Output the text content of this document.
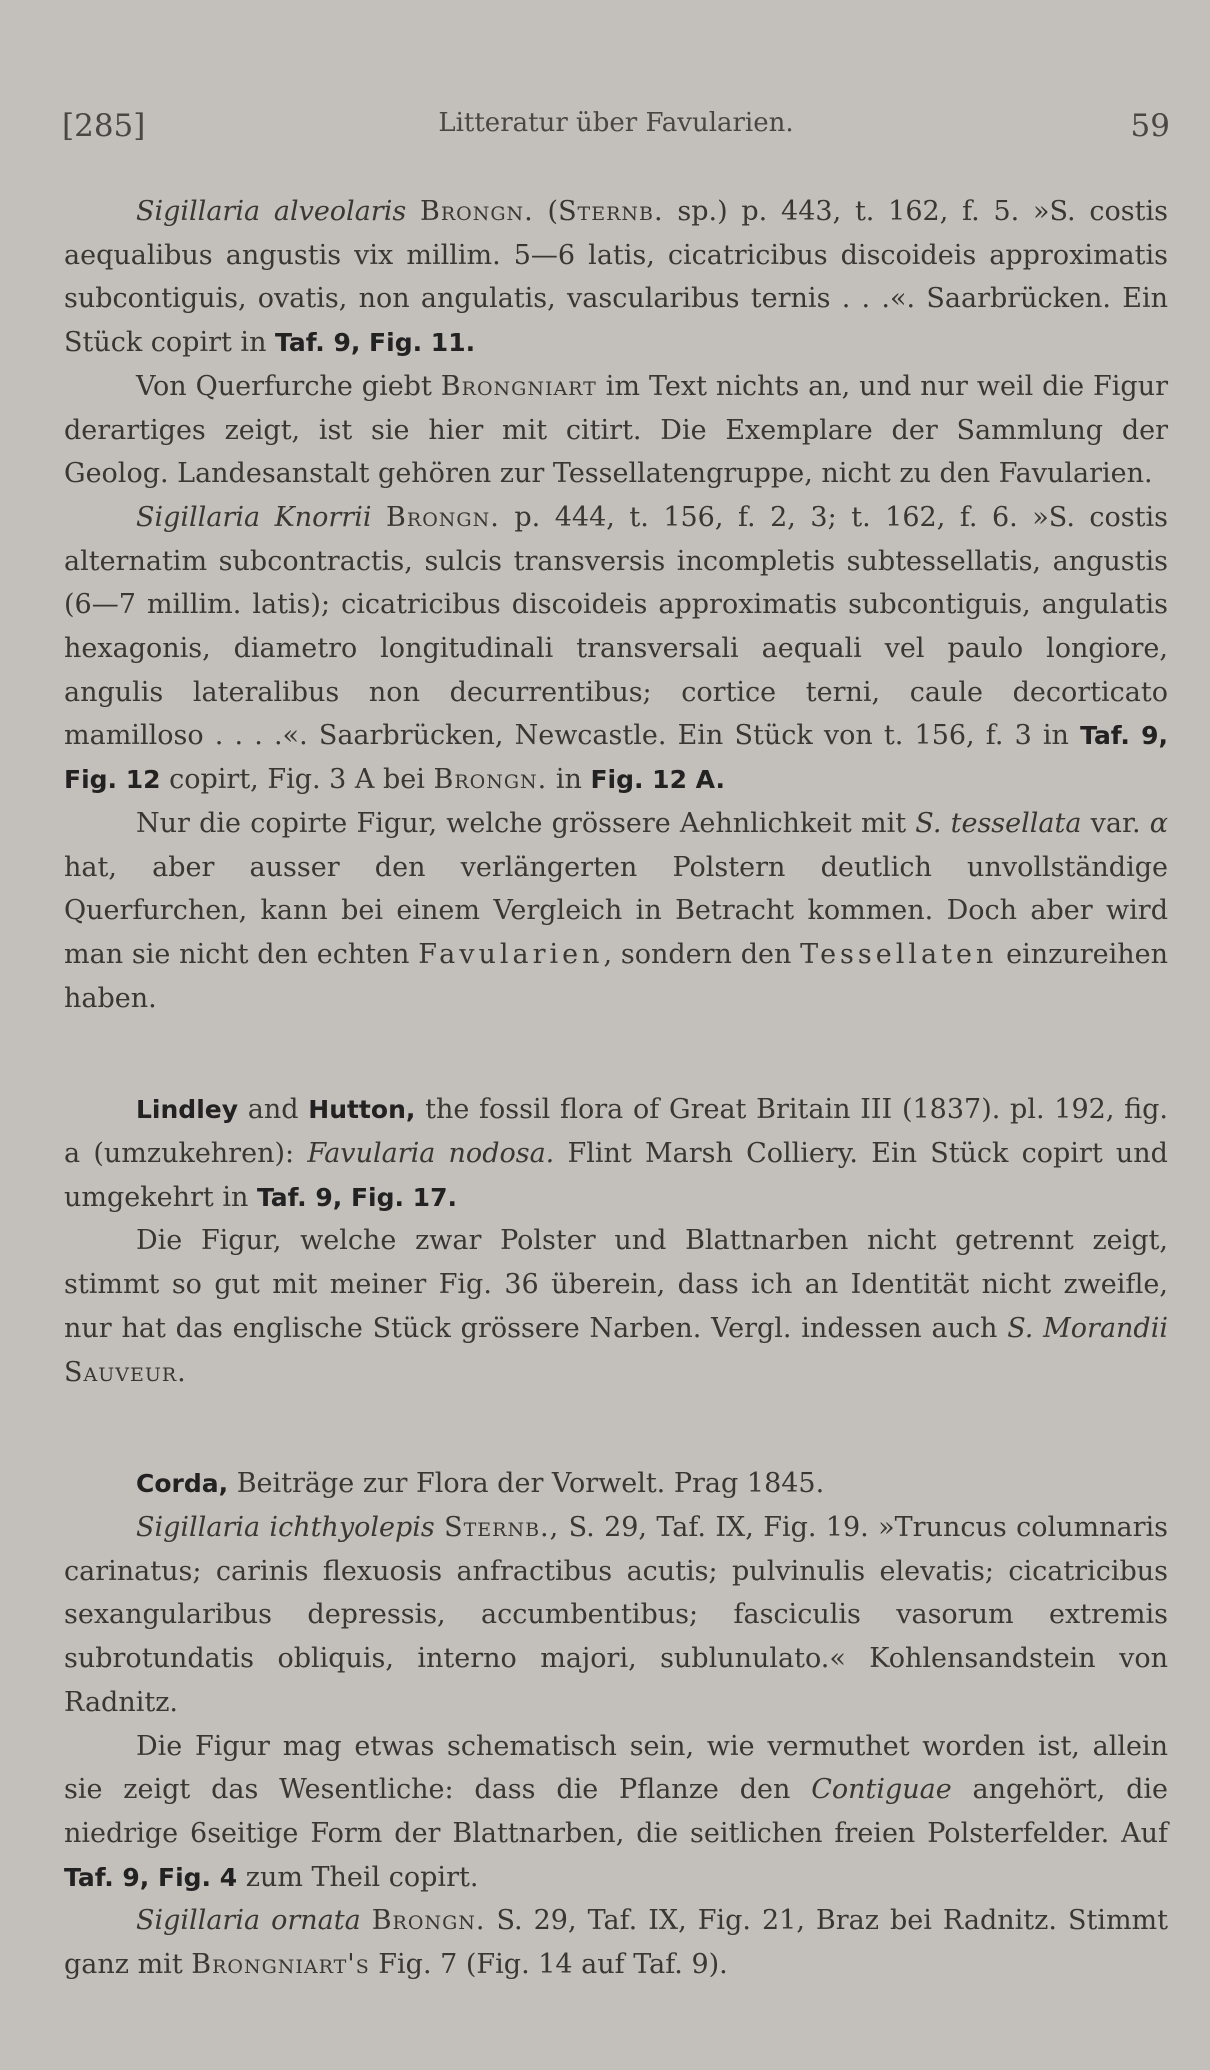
[285]	Litteratur über Favularien.	59

Sigillaria alveolaris Brongn. (Sternb. sp.) p. 443, t. 162, f. 5. »S. costis aequalibus angustis vix millim. 5—6 latis, cicatricibus discoideis approximatis subcontiguis, ovatis, non angulatis, vascularibus ternis . . .«. Saarbrücken. Ein Stück copirt in Taf. 9, Fig. 11.

Von Querfurche giebt Brongniart im Text nichts an, und nur weil die Figur derartiges zeigt, ist sie hier mit citirt. Die Exemplare der Sammlung der Geolog. Landesanstalt gehören zur Tessellatengruppe, nicht zu den Favularien.

Sigillaria Knorrii Brongn. p. 444, t. 156, f. 2, 3; t. 162, f. 6. »S. costis alternatim subcontractis, sulcis transversis incompletis subtessellatis, angustis (6—7 millim. latis); cicatricibus discoideis approximatis subcontiguis, angulatis hexagonis, diametro longitudinali transversali aequali vel paulo longiore, angulis lateralibus non decurrentibus; cortice terni, caule decorticato mamilloso . . . .«. Saarbrücken, Newcastle. Ein Stück von t. 156, f. 3 in Taf. 9, Fig. 12 copirt, Fig. 3 A bei Brongn. in Fig. 12 A.

Nur die copirte Figur, welche grössere Aehnlichkeit mit S. tessellata var. α hat, aber ausser den verlängerten Polstern deutlich unvollständige Querfurchen, kann bei einem Vergleich in Betracht kommen. Doch aber wird man sie nicht den echten Favularien, sondern den Tessellaten einzureihen haben.

Lindley and Hutton, the fossil flora of Great Britain III (1837). pl. 192, fig. a (umzukehren): Favularia nodosa. Flint Marsh Colliery. Ein Stück copirt und umgekehrt in Taf. 9, Fig. 17.

Die Figur, welche zwar Polster und Blattnarben nicht getrennt zeigt, stimmt so gut mit meiner Fig. 36 überein, dass ich an Identität nicht zweifle, nur hat das englische Stück grössere Narben. Vergl. indessen auch S. Morandii Sauveur.

Corda, Beiträge zur Flora der Vorwelt. Prag 1845.

Sigillaria ichthyolepis Sternb., S. 29, Taf. IX, Fig. 19. »Truncus columnaris carinatus; carinis flexuosis anfractibus acutis; pulvinulis elevatis; cicatricibus sexangularibus depressis, accumbentibus; fasciculis vasorum extremis subrotundatis obliquis, interno majori, sublunulato.« Kohlensandstein von Radnitz.

Die Figur mag etwas schematisch sein, wie vermuthet worden ist, allein sie zeigt das Wesentliche: dass die Pflanze den Contiguae angehört, die niedrige 6seitige Form der Blattnarben, die seitlichen freien Polsterfelder. Auf Taf. 9, Fig. 4 zum Theil copirt.

Sigillaria ornata Brongn. S. 29, Taf. IX, Fig. 21, Braz bei Radnitz. Stimmt ganz mit Brongniart's Fig. 7 (Fig. 14 auf Taf. 9).
